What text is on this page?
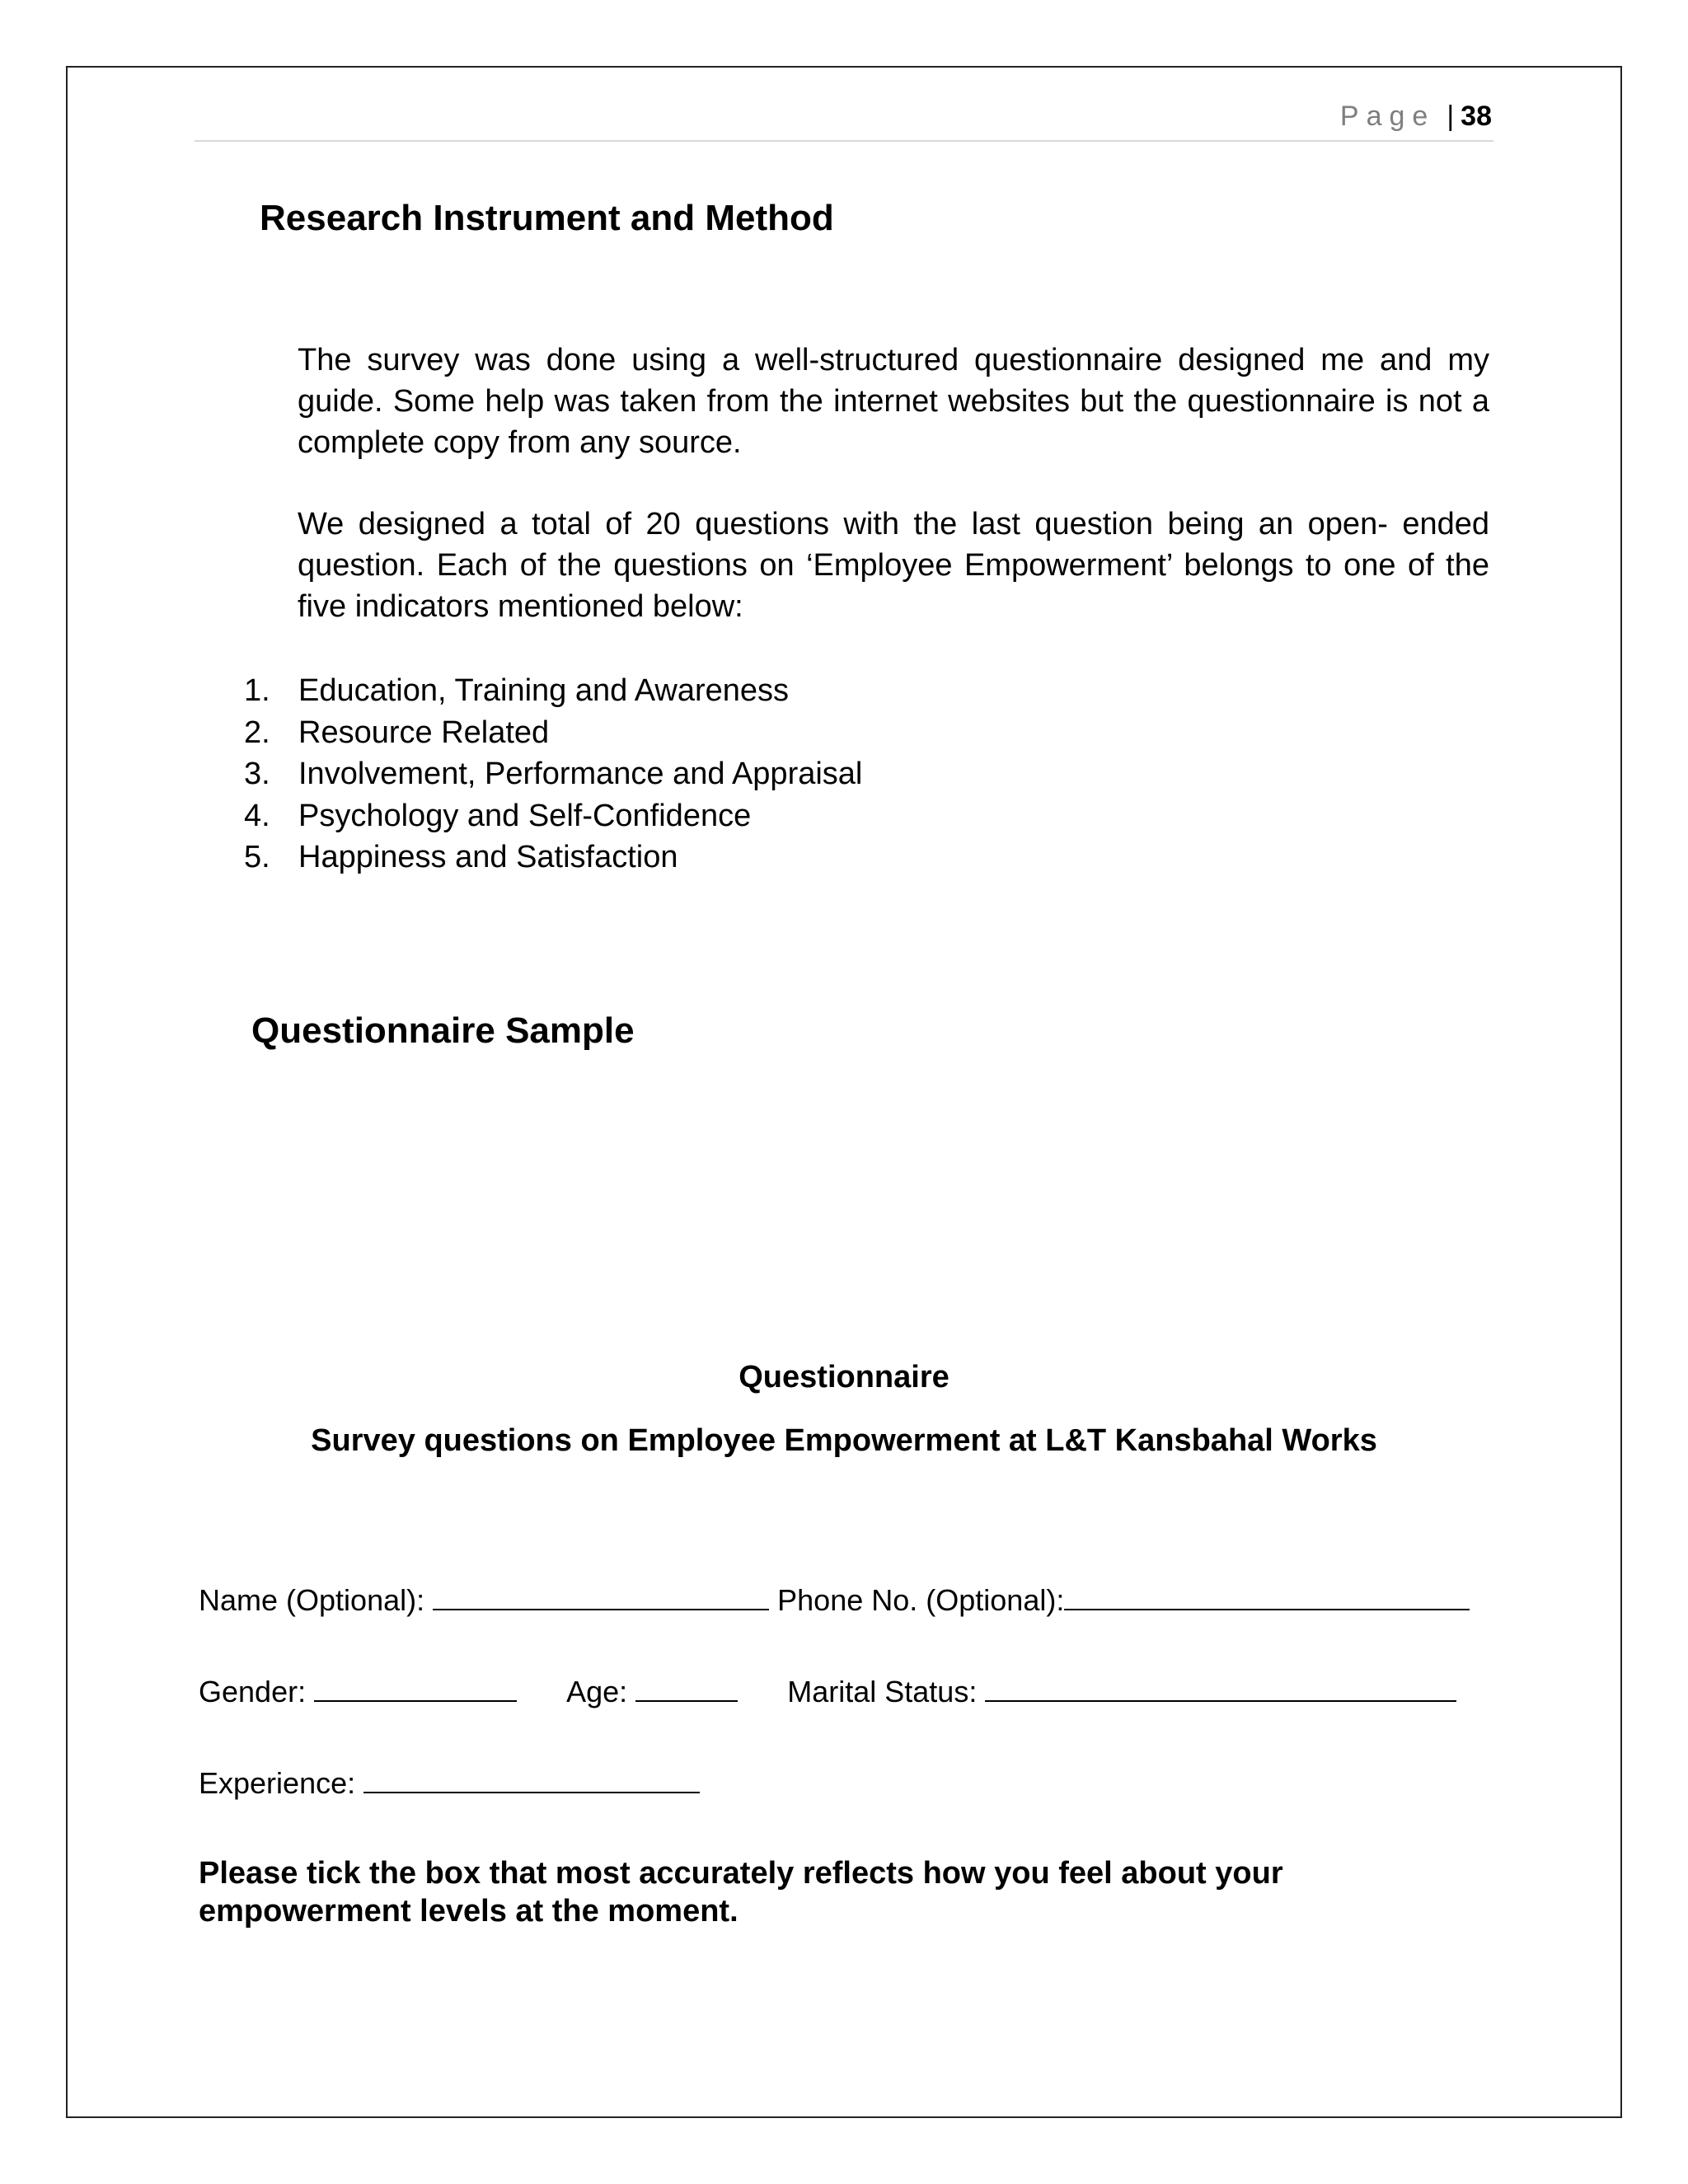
Page | 38
Research Instrument and Method

The survey was done using a well-structured questionnaire designed me and my guide. Some help was taken from the internet websites but the questionnaire is not a complete copy from any source.

We designed a total of 20 questions with the last question being an open- ended question. Each of the questions on ‘Employee Empowerment’ belongs to one of the five indicators mentioned below:

1. Education, Training and Awareness
2. Resource Related
3. Involvement, Performance and Appraisal
4. Psychology and Self-Confidence
5. Happiness and Satisfaction
Questionnaire Sample

Questionnaire

Survey questions on Employee Empowerment at L&T Kansbahal Works

Name (Optional):	Phone No. (Optional):
Gender:	Age:	Marital Status:
Experience:

Please tick the box that most accurately reflects how you feel about your empowerment levels at the moment.
